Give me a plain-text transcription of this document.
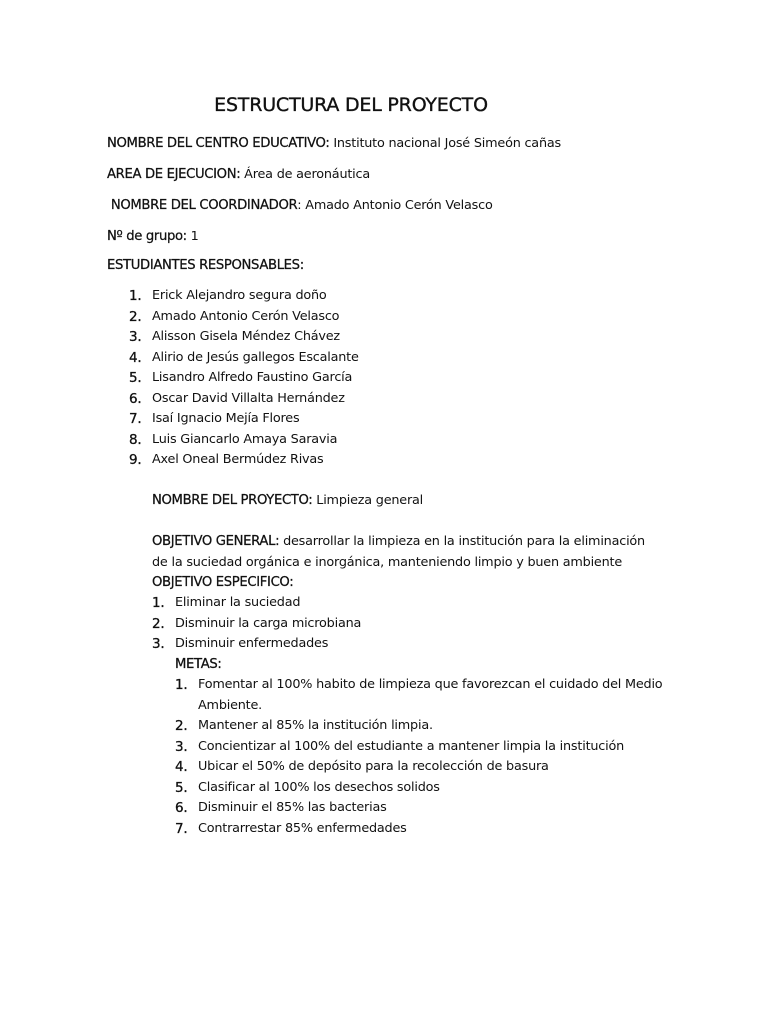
ESTRUCTURA DEL PROYECTO
NOMBRE DEL CENTRO EDUCATIVO: Instituto nacional José Simeón cañas
AREA DE EJECUCION: Área de aeronáutica
NOMBRE DEL COORDINADOR: Amado Antonio Cerón Velasco
Nº de grupo: 1
ESTUDIANTES RESPONSABLES:
1. Erick Alejandro segura doño
2. Amado Antonio Cerón Velasco
3. Alisson Gisela Méndez Chávez
4. Alirio de Jesús gallegos Escalante
5. Lisandro Alfredo Faustino García
6. Oscar David Villalta Hernández
7. Isaí Ignacio Mejía Flores
8. Luis Giancarlo Amaya Saravia
9. Axel Oneal Bermúdez Rivas
NOMBRE DEL PROYECTO: Limpieza general
OBJETIVO GENERAL: desarrollar la limpieza en la institución para la eliminación de la suciedad orgánica e inorgánica, manteniendo limpio y buen ambiente
OBJETIVO ESPECIFICO:
1. Eliminar la suciedad
2. Disminuir la carga microbiana
3. Disminuir enfermedades
METAS:
1. Fomentar al 100% habito de limpieza que favorezcan el cuidado del Medio
Ambiente.
2. Mantener al 85% la institución limpia.
3. Concientizar al 100% del estudiante a mantener limpia la institución
4. Ubicar el 50% de depósito para la recolección de basura
5. Clasificar al 100% los desechos solidos
6. Disminuir el 85% las bacterias
7. Contrarrestar 85% enfermedades
